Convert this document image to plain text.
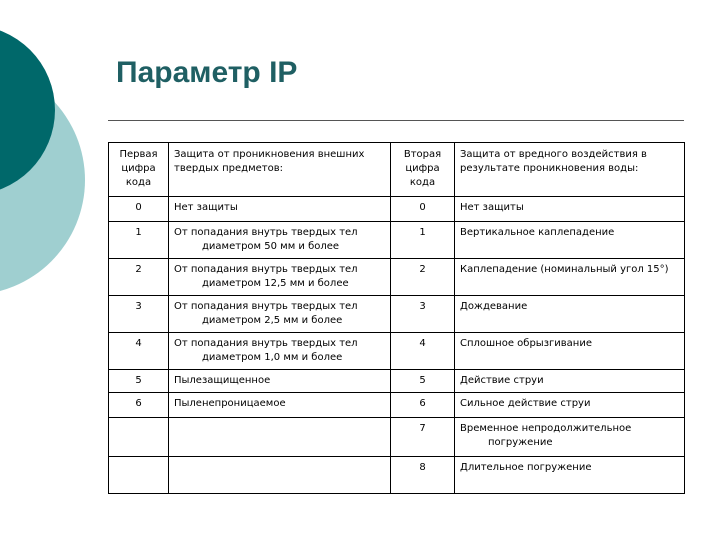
Параметр IP
Первая цифра кода	Защита от проникновения внешних твердых предметов:	Вторая цифра кода	Защита от вредного воздействия в результате проникновения воды:
0	Нет защиты	0	Нет защиты
1	От попадания внутрь твердых тел диаметром 50 мм и более	1	Вертикальное каплепадение
2	От попадания внутрь твердых тел диаметром 12,5 мм и более	2	Каплепадение (номинальный угол 15°)
3	От попадания внутрь твердых тел диаметром 2,5 мм и более	3	Дождевание
4	От попадания внутрь твердых тел диаметром 1,0 мм и более	4	Сплошное обрызгивание
5	Пылезащищенное	5	Действие струи
6	Пыленепроницаемое	6	Сильное действие струи
		7	Временное непродолжительное погружение

		8	Длительное погружение
